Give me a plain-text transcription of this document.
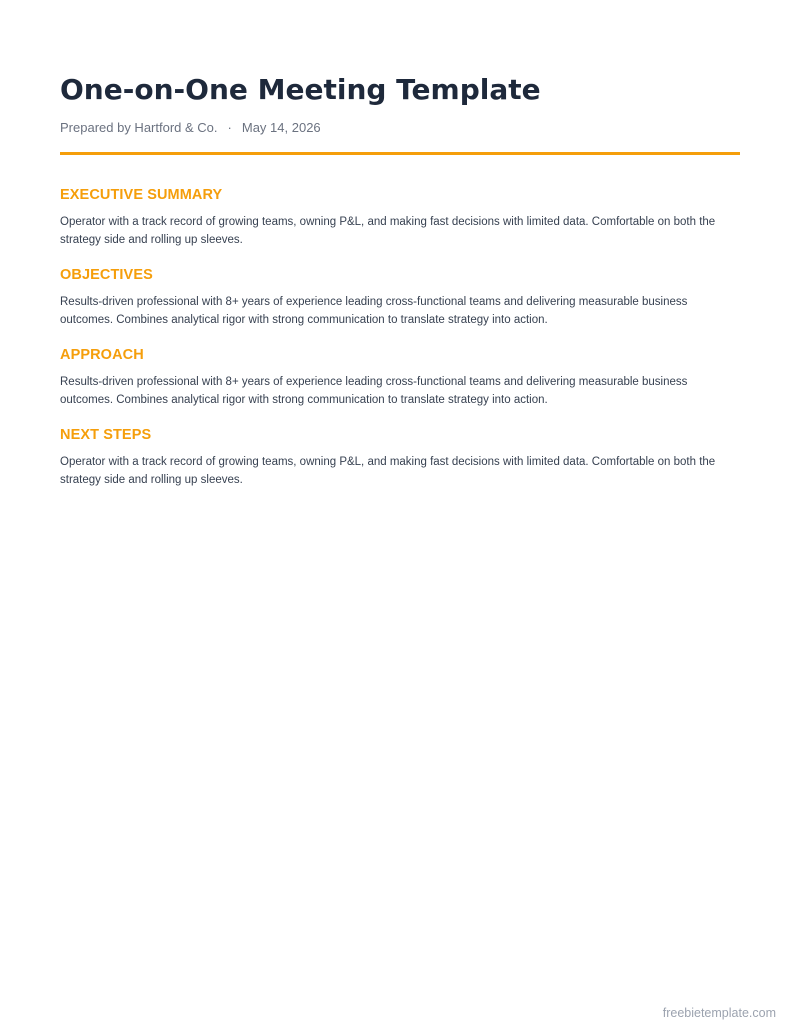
One-on-One Meeting Template
Prepared by Hartford & Co. · May 14, 2026
EXECUTIVE SUMMARY

Operator with a track record of growing teams, owning P&L, and making fast decisions with limited data. Comfortable on both the strategy side and rolling up sleeves.

OBJECTIVES

Results-driven professional with 8+ years of experience leading cross-functional teams and delivering measurable business outcomes. Combines analytical rigor with strong communication to translate strategy into action.

APPROACH

Results-driven professional with 8+ years of experience leading cross-functional teams and delivering measurable business outcomes. Combines analytical rigor with strong communication to translate strategy into action.

NEXT STEPS

Operator with a track record of growing teams, owning P&L, and making fast decisions with limited data. Comfortable on both the strategy side and rolling up sleeves.

freebietemplate.com
